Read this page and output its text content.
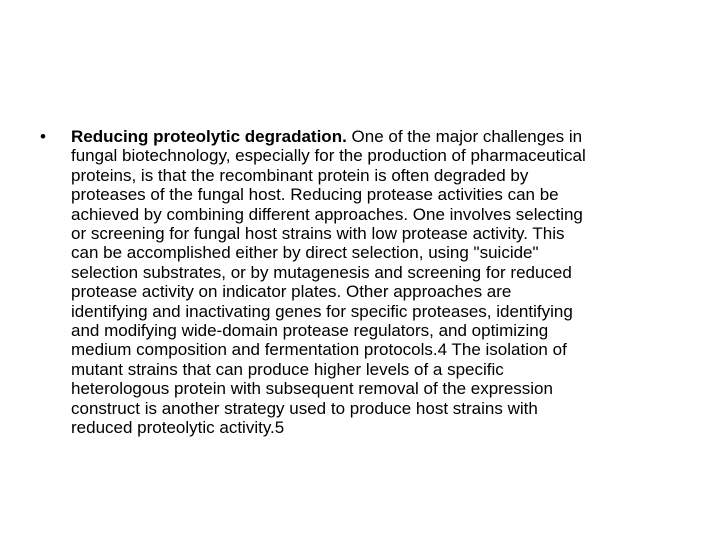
• Reducing proteolytic degradation. One of the major challenges in
fungal biotechnology, especially for the production of pharmaceutical
proteins, is that the recombinant protein is often degraded by
proteases of the fungal host. Reducing protease activities can be
achieved by combining different approaches. One involves selecting
or screening for fungal host strains with low protease activity. This
can be accomplished either by direct selection, using "suicide"
selection substrates, or by mutagenesis and screening for reduced
protease activity on indicator plates. Other approaches are
identifying and inactivating genes for specific proteases, identifying
and modifying wide-domain protease regulators, and optimizing
medium composition and fermentation protocols.4 The isolation of
mutant strains that can produce higher levels of a specific
heterologous protein with subsequent removal of the expression
construct is another strategy used to produce host strains with
reduced proteolytic activity.5
